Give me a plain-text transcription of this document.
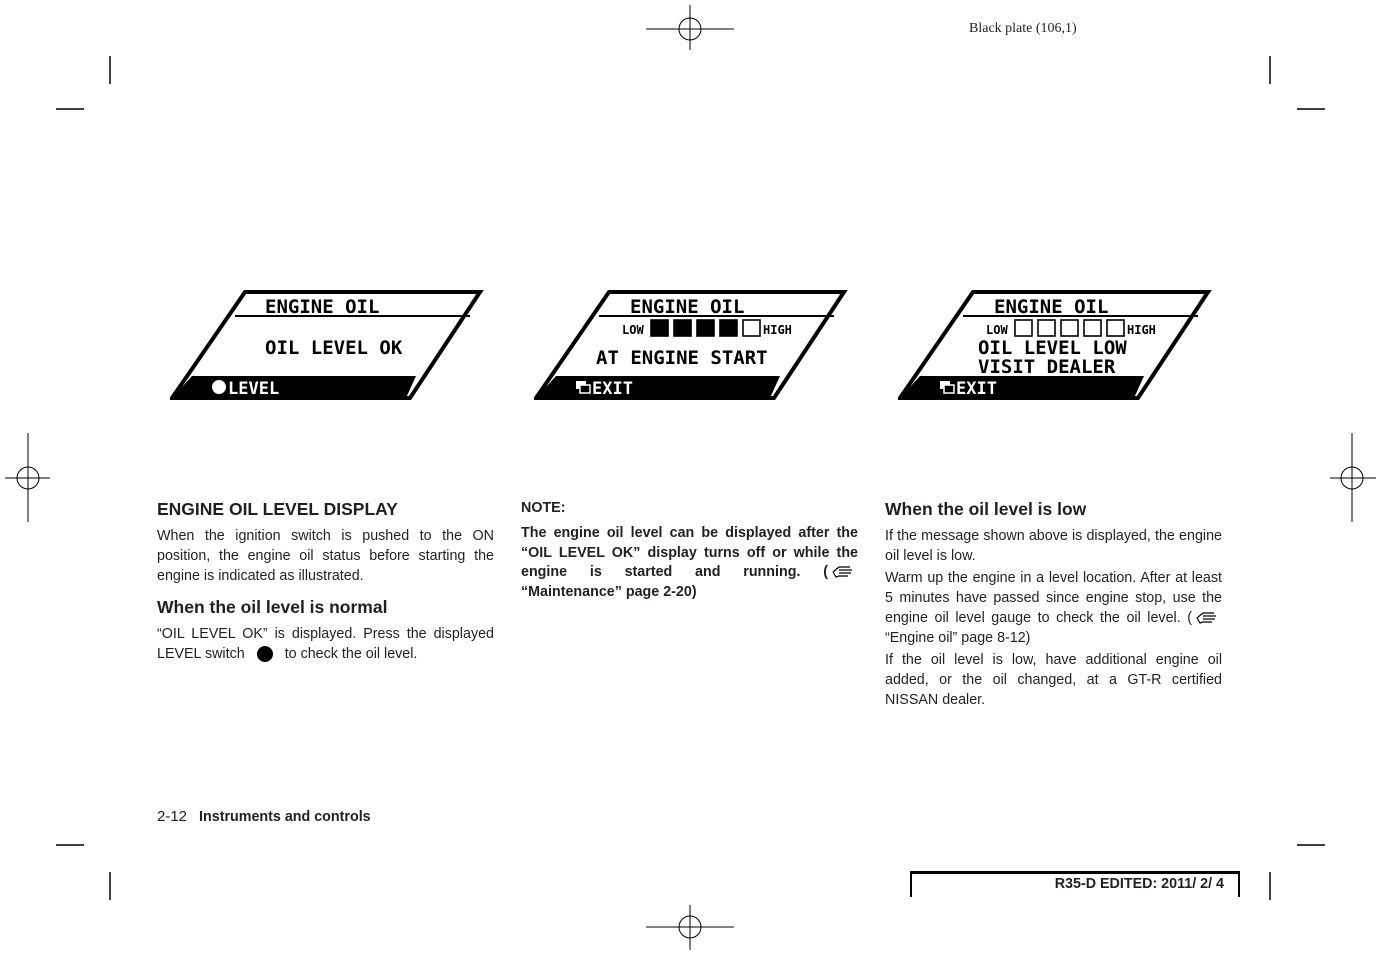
Black plate (106,1)
ENGINE OIL
OIL LEVEL OK
LEVEL
ENGINE OIL
LOW	HIGH
AT ENGINE START
EXIT
ENGINE OIL
LOW	HIGH
OIL LEVEL LOW
VISIT DEALER
EXIT
ENGINE OIL LEVEL DISPLAY

When the ignition switch is pushed to the ON position, the engine oil status before starting the engine is indicated as illustrated.

When the oil level is normal

“OIL LEVEL OK” is displayed. Press the displayed LEVEL switch	to check the oil level.

NOTE:

The engine oil level can be displayed after the “OIL LEVEL OK” display turns off or while the engine is started and running. (“Maintenance” page 2-20)

When the oil level is low

If the message shown above is displayed, the engine oil level is low.

Warm up the engine in a level location. After at least 5 minutes have passed since engine stop, use the engine oil level gauge to check the oil level. (“Engine oil” page 8-12)

If the oil level is low, have additional engine oil added, or the oil changed, at a GT-R certified NISSAN dealer.

2-12 Instruments and controls
R35-D EDITED: 2011/ 2/ 4
